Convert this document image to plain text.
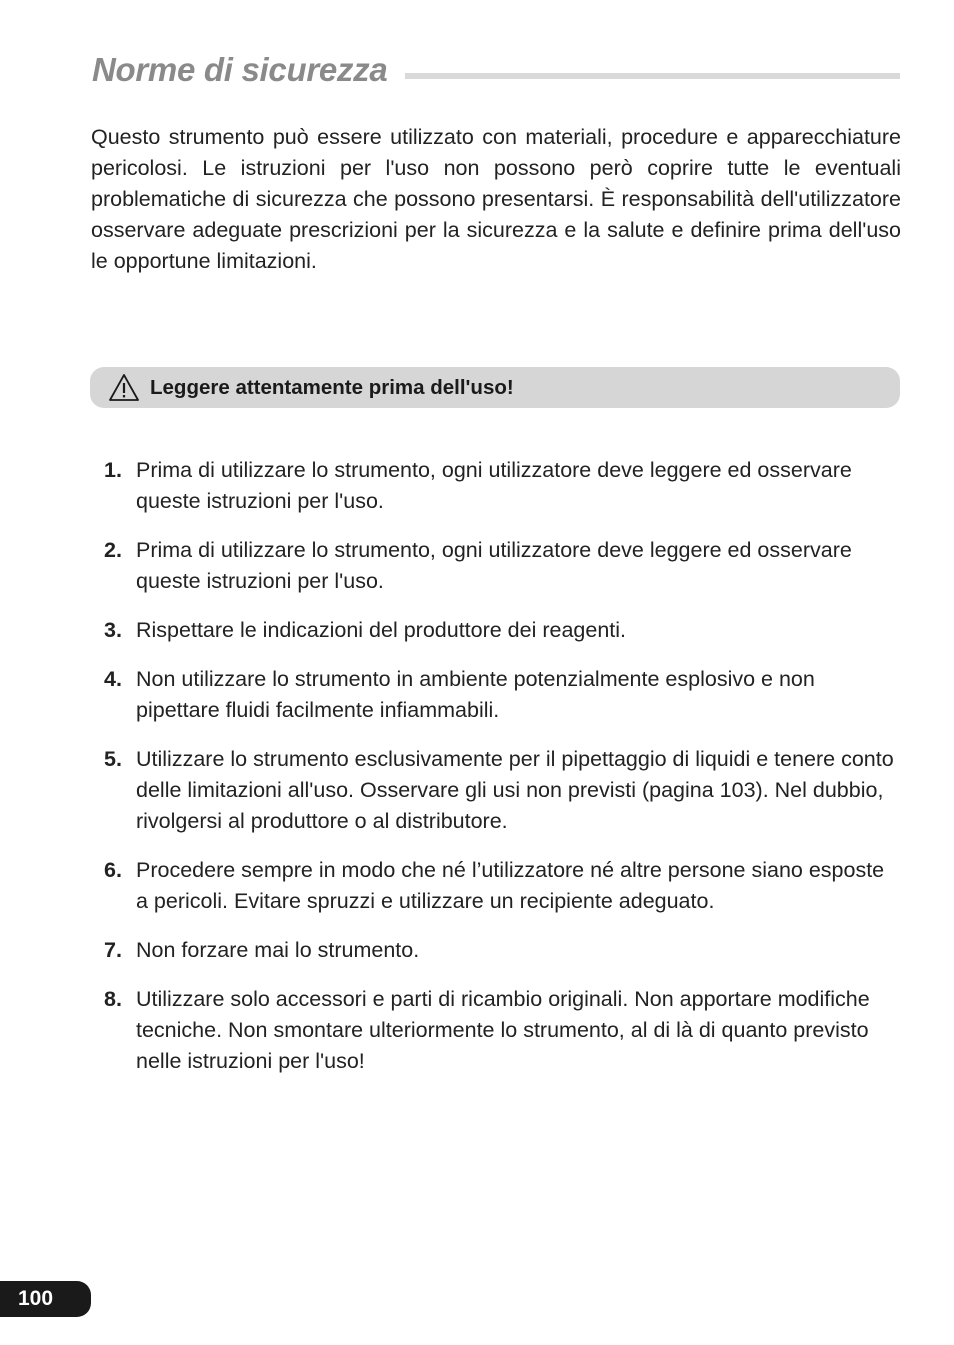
Norme di sicurezza

Questo strumento può essere utilizzato con materiali, procedure e apparecchiature pericolosi. Le istruzioni per l'uso non possono però coprire tutte le eventuali problematiche di sicurezza che possono presentarsi. È responsabilità dell'utilizzatore osservare adeguate prescrizioni per la sicurezza e la salute e definire prima dell'uso le opportune limitazioni.

Leggere attentamente prima dell'uso!
1. Prima di utilizzare lo strumento, ogni utilizzatore deve leggere ed osservare queste istruzioni per l'uso.
2. Prima di utilizzare lo strumento, ogni utilizzatore deve leggere ed osservare queste istruzioni per l'uso.
3. Rispettare le indicazioni del produttore dei reagenti.
4. Non utilizzare lo strumento in ambiente potenzialmente esplosivo e non pipettare fluidi facilmente infiammabili.
5. Utilizzare lo strumento esclusivamente per il pipettaggio di liquidi e tenere conto delle limitazioni all'uso. Osservare gli usi non previsti (pagina 103). Nel dubbio, rivolgersi al produttore o al distributore.
6. Procedere sempre in modo che né l’utilizzatore né altre persone siano esposte a pericoli. Evitare spruzzi e utilizzare un recipiente adeguato.
7. Non forzare mai lo strumento.
8. Utilizzare solo accessori e parti di ricambio originali. Non apportare modifiche tecniche. Non smontare ulteriormente lo strumento, al di là di quanto previsto nelle istruzioni per l'uso!
100
